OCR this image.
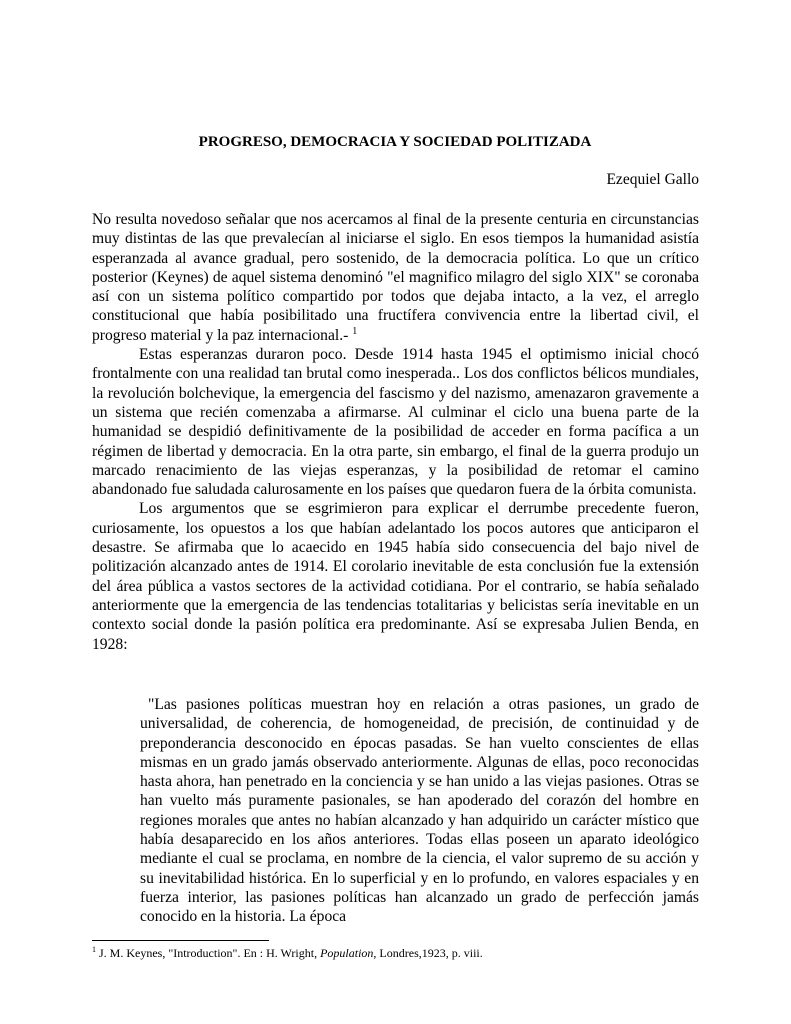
PROGRESO, DEMOCRACIA Y SOCIEDAD POLITIZADA
Ezequiel Gallo

No resulta novedoso señalar que nos acercamos al final de la presente centuria en circunstancias muy distintas de las que prevalecían al iniciarse el siglo. En esos tiempos la humanidad asistía esperanzada al avance gradual, pero sostenido, de la democracia política. Lo que un crítico posterior (Keynes) de aquel sistema denominó "el magnifico milagro del siglo XIX" se coronaba así con un sistema político compartido por todos que dejaba intacto, a la vez, el arreglo constitucional que había posibilitado una fructífera convivencia entre la libertad civil, el progreso material y la paz internacional.- $^1$

Estas esperanzas duraron poco. Desde 1914 hasta 1945 el optimismo inicial chocó frontalmente con una realidad tan brutal como inesperada.. Los dos conflictos bélicos mundiales, la revolución bolchevique, la emergencia del fascismo y del nazismo, amenazaron gravemente a un sistema que recién comenzaba a afirmarse. Al culminar el ciclo una buena parte de la humanidad se despidió definitivamente de la posibilidad de acceder en forma pacífica a un régimen de libertad y democracia. En la otra parte, sin embargo, el final de la guerra produjo un marcado renacimiento de las viejas esperanzas, y la posibilidad de retomar el camino abandonado fue saludada calurosamente en los países que quedaron fuera de la órbita comunista.

Los argumentos que se esgrimieron para explicar el derrumbe precedente fueron, curiosamente, los opuestos a los que habían adelantado los pocos autores que anticiparon el desastre. Se afirmaba que lo acaecido en 1945 había sido consecuencia del bajo nivel de politización alcanzado antes de 1914. El corolario inevitable de esta conclusión fue la extensión del área pública a vastos sectores de la actividad cotidiana. Por el contrario, se había señalado anteriormente que la emergencia de las tendencias totalitarias y belicistas sería inevitable en un contexto social donde la pasión política era predominante. Así se expresaba Julien Benda, en 1928:

"Las pasiones políticas muestran hoy en relación a otras pasiones, un grado de universalidad, de coherencia, de homogeneidad, de precisión, de continuidad y de preponderancia desconocido en épocas pasadas. Se han vuelto conscientes de ellas mismas en un grado jamás observado anteriormente. Algunas de ellas, poco reconocidas hasta ahora, han penetrado en la conciencia y se han unido a las viejas pasiones. Otras se han vuelto más puramente pasionales, se han apoderado del corazón del hombre en regiones morales que antes no habían alcanzado y han adquirido un carácter místico que había desaparecido en los años anteriores. Todas ellas poseen un aparato ideológico mediante el cual se proclama, en nombre de la ciencia, el valor supremo de su acción y su inevitabilidad histórica. En lo superficial y en lo profundo, en valores espaciales y en fuerza interior, las pasiones políticas han alcanzado un grado de perfección jamás conocido en la historia. La época

$^1$ J. M. Keynes, "Introduction". En : H. Wright, Population, Londres,1923, p. viii.
